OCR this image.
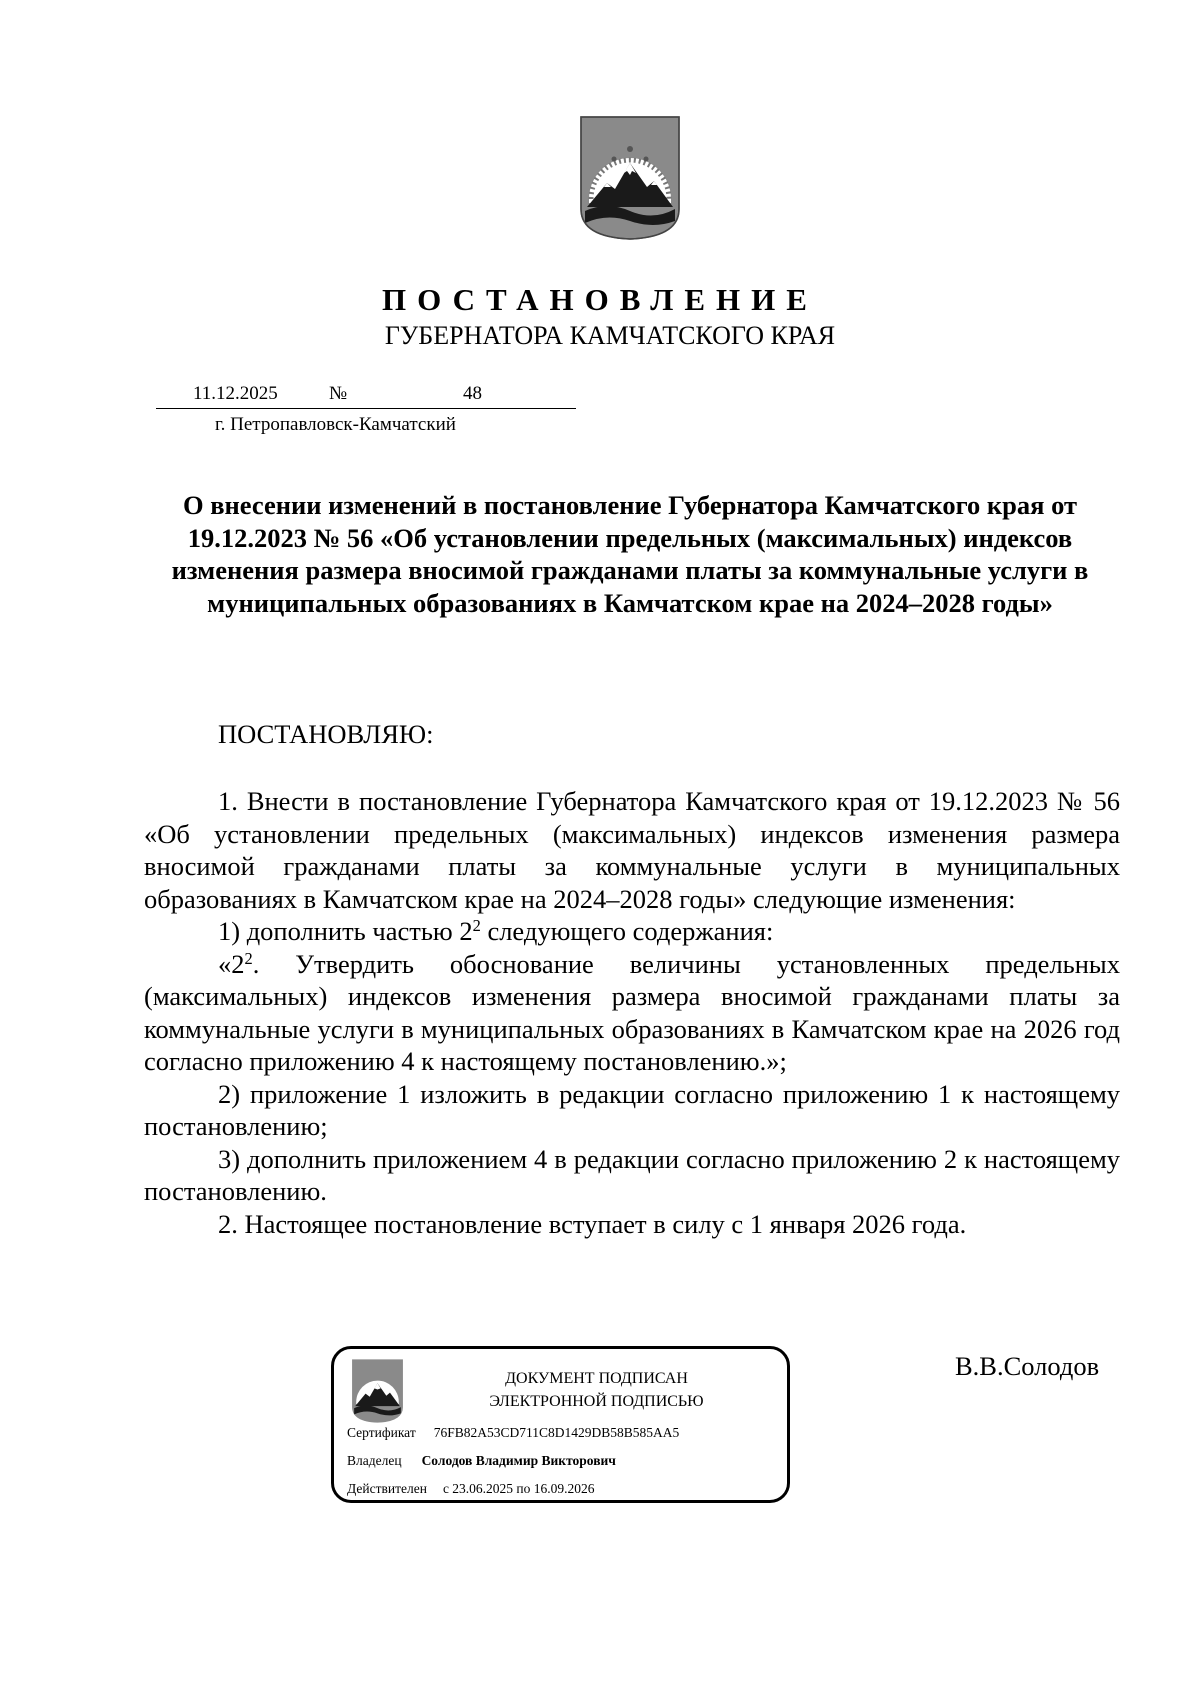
ПОСТАНОВЛЕНИЕ
ГУБЕРНАТОРА КАМЧАТСКОГО КРАЯ
11.12.2025	№	48
г. Петропавловск-Камчатский
О внесении изменений в постановление Губернатора Камчатского края от 19.12.2023 № 56 «Об установлении предельных (максимальных) индексов изменения размера вносимой гражданами платы за коммунальные услуги в муниципальных образованиях в Камчатском крае на 2024–2028 годы»
ПОСТАНОВЛЯЮ:

1. Внести в постановление Губернатора Камчатского края от 19.12.2023 № 56 «Об установлении предельных (максимальных) индексов изменения размера вносимой гражданами платы за коммунальные услуги в муниципальных образованиях в Камчатском крае на 2024–2028 годы» следующие изменения:

1) дополнить частью $2^2$ следующего содержания:

«$2^2$. Утвердить обоснование величины установленных предельных (максимальных) индексов изменения размера вносимой гражданами платы за коммунальные услуги в муниципальных образованиях в Камчатском крае на 2026 год согласно приложению 4 к настоящему постановлению.»;

2) приложение 1 изложить в редакции согласно приложению 1 к настоящему постановлению;

3) дополнить приложением 4 в редакции согласно приложению 2 к настоящему постановлению.

2. Настоящее постановление вступает в силу с 1 января 2026 года.

ДОКУМЕНТ ПОДПИСАН
ЭЛЕКТРОННОЙ ПОДПИСЬЮ
Сертификат 76FB82A53CD711C8D1429DB58B585AA5
Владелец Солодов Владимир Викторович
Действителен с 23.06.2025 по 16.09.2026
В.В.Солодов
